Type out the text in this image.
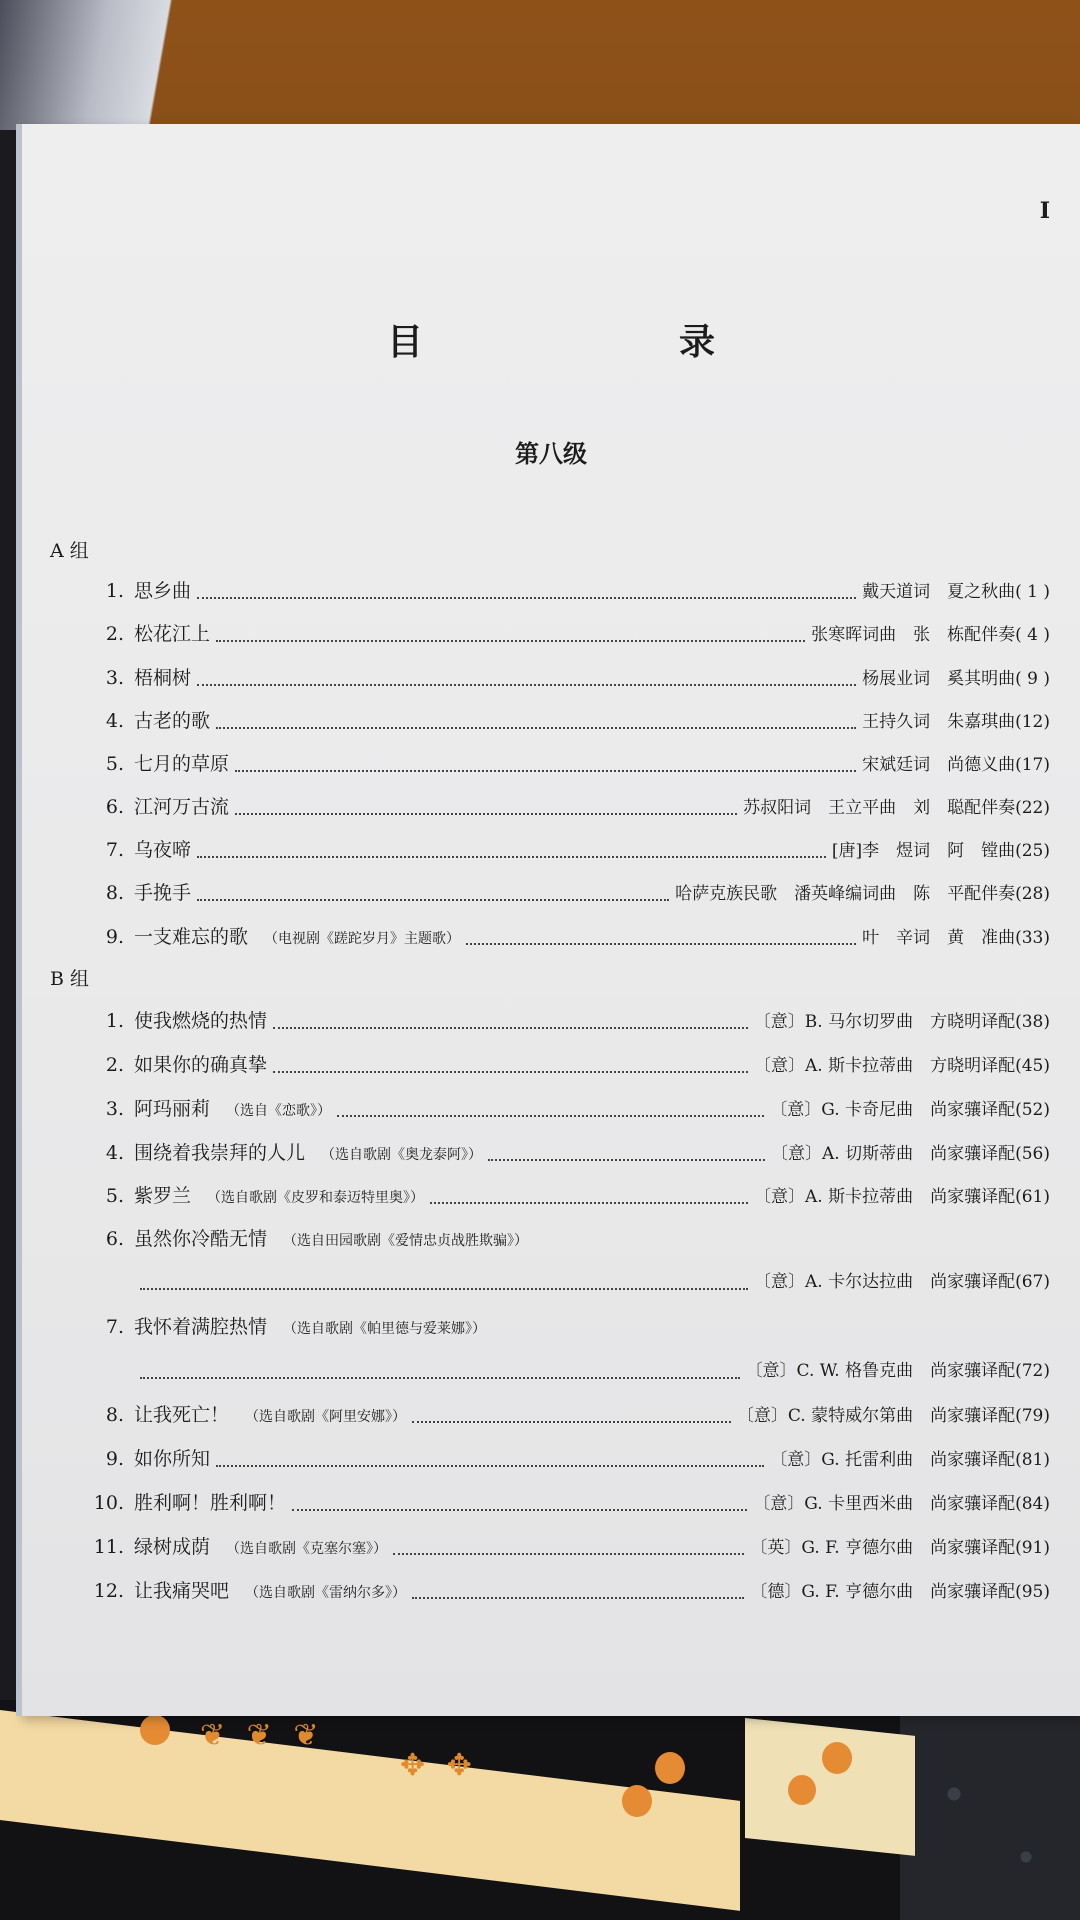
❦ ❦ ❦
✥ ✥
I
目　录
第八级
A 组
1. 思乡曲	戴天道词　夏之秋曲 ( 1 )
2. 松花江上	张寒晖词曲　张　栋配伴奏 ( 4 )
3. 梧桐树	杨展业词　奚其明曲 ( 9 )
4. 古老的歌	王持久词　朱嘉琪曲 (12)
5. 七月的草原	宋斌廷词　尚德义曲 (17)
6. 江河万古流	苏叔阳词　王立平曲　刘　聪配伴奏 (22)
7. 乌夜啼	[唐]李　煜词　阿　镗曲 (25)
8. 手挽手	哈萨克族民歌　潘英峰编词曲　陈　平配伴奏 (28)
9. 一支难忘的歌 （电视剧《蹉跎岁月》主题歌）	叶　辛词　黄　准曲 (33)
B 组
1. 使我燃烧的热情	〔意〕B. 马尔切罗曲　方晓明译配 (38)
2. 如果你的确真挚	〔意〕A. 斯卡拉蒂曲　方晓明译配 (45)
3. 阿玛丽莉 （选自《恋歌》）	〔意〕G. 卡奇尼曲　尚家骧译配 (52)
4. 围绕着我崇拜的人儿 （选自歌剧《奥龙泰阿》）	〔意〕A. 切斯蒂曲　尚家骧译配 (56)
5. 紫罗兰 （选自歌剧《皮罗和泰迈特里奥》）	〔意〕A. 斯卡拉蒂曲　尚家骧译配 (61)
6. 虽然你冷酷无情 （选自田园歌剧《爱情忠贞战胜欺骗》）
〔意〕A. 卡尔达拉曲　尚家骧译配 (67)
7. 我怀着满腔热情 （选自歌剧《帕里德与爱莱娜》）
〔意〕C. W. 格鲁克曲　尚家骧译配 (72)
8. 让我死亡！ （选自歌剧《阿里安娜》）	〔意〕C. 蒙特威尔第曲　尚家骧译配 (79)
9. 如你所知	〔意〕G. 托雷利曲　尚家骧译配 (81)
10. 胜利啊！胜利啊！	〔意〕G. 卡里西米曲　尚家骧译配 (84)
11. 绿树成荫 （选自歌剧《克塞尔塞》）	〔英〕G. F. 亨德尔曲　尚家骧译配 (91)
12. 让我痛哭吧 （选自歌剧《雷纳尔多》）	〔德〕G. F. 亨德尔曲　尚家骧译配 (95)
